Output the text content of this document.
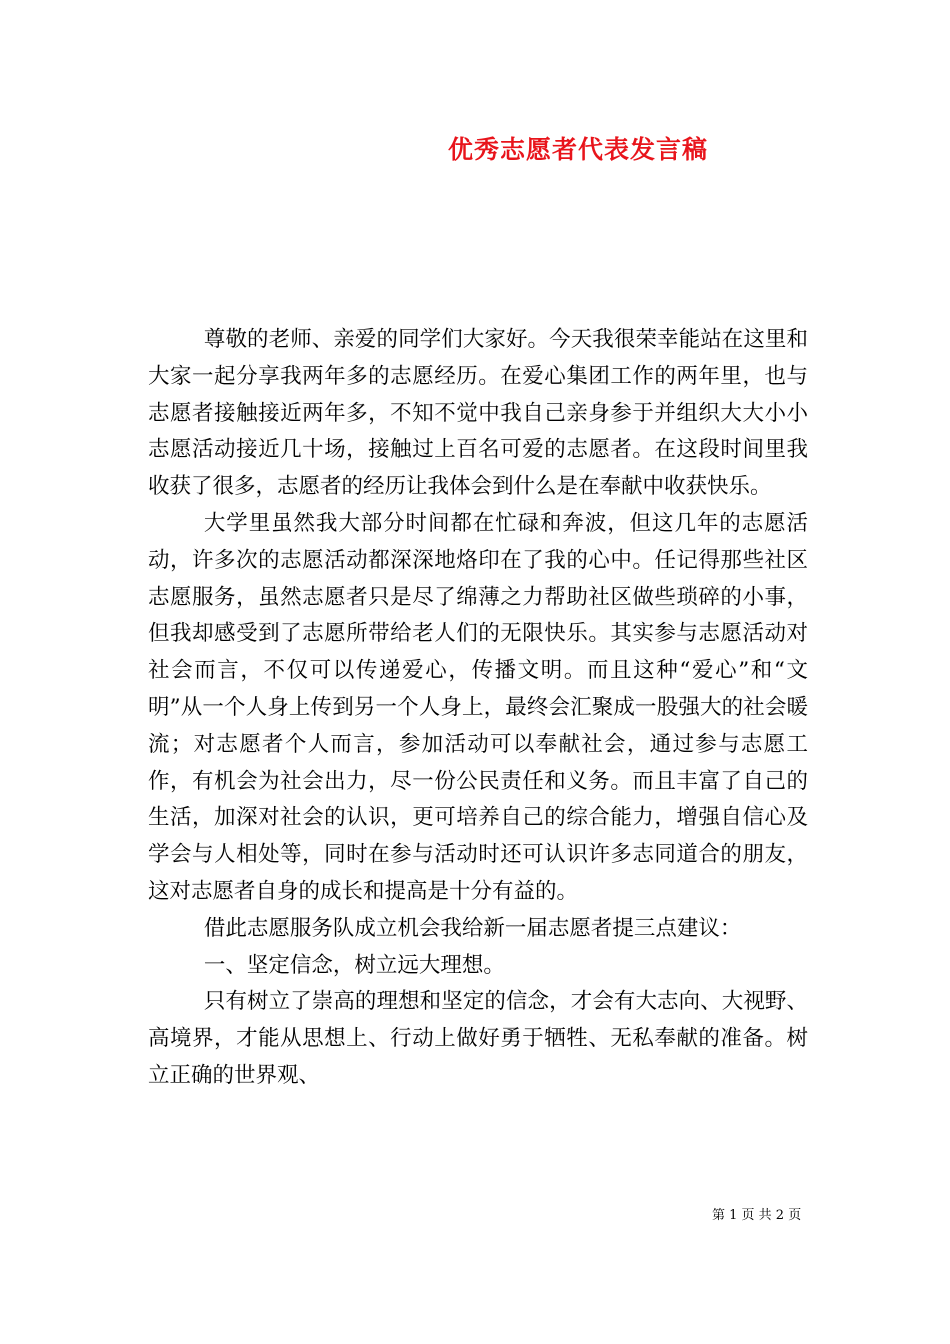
优秀志愿者代表发言稿

尊敬的老师、亲爱的同学们大家好。今天我很荣幸能站在这里和大家一起分享我两年多的志愿经历。在爱心集团工作的两年里，也与志愿者接触接近两年多，不知不觉中我自己亲身参于并组织大大小小志愿活动接近几十场，接触过上百名可爱的志愿者。在这段时间里我收获了很多，志愿者的经历让我体会到什么是在奉献中收获快乐。

大学里虽然我大部分时间都在忙碌和奔波，但这几年的志愿活动，许多次的志愿活动都深深地烙印在了我的心中。任记得那些社区志愿服务，虽然志愿者只是尽了绵薄之力帮助社区做些琐碎的小事，但我却感受到了志愿所带给老人们的无限快乐。其实参与志愿活动对社会而言，不仅可以传递爱心，传播文明。而且这种“爱心”和“文明”从一个人身上传到另一个人身上，最终会汇聚成一股强大的社会暖流；对志愿者个人而言，参加活动可以奉献社会，通过参与志愿工作，有机会为社会出力，尽一份公民责任和义务。而且丰富了自己的生活，加深对社会的认识，更可培养自己的综合能力，增强自信心及学会与人相处等，同时在参与活动时还可认识许多志同道合的朋友，这对志愿者自身的成长和提高是十分有益的。

借此志愿服务队成立机会我给新一届志愿者提三点建议：

一、坚定信念，树立远大理想。

只有树立了崇高的理想和坚定的信念，才会有大志向、大视野、高境界，才能从思想上、行动上做好勇于牺牲、无私奉献的准备。树立正确的世界观、

第 1 页 共 2 页
